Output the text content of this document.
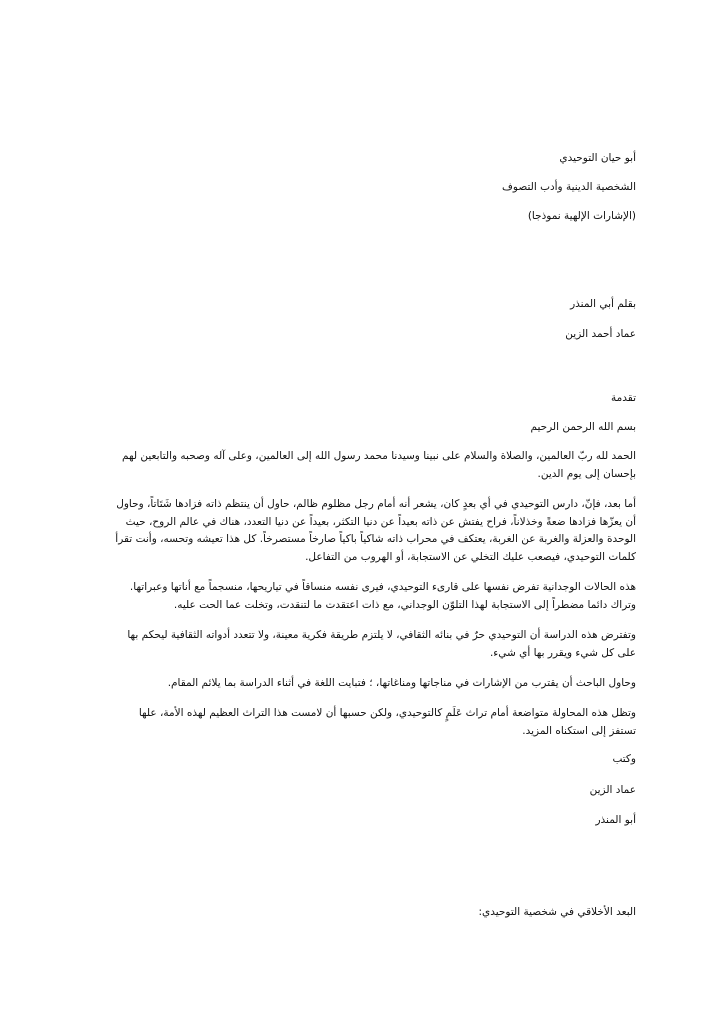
أبو حيان التوحيدي

الشخصية الدينية وأدب التصوف

(الإشارات الإلهية نموذجا)

بقلم أبي المنذر

عماد أحمد الزين

تقدمة

بسم الله الرحمن الرحيم

الحمد لله ربّ العالمين، والصلاة والسلام على نبينا وسيدنا محمد رسول الله إلى العالمين، وعلى آله وصحبه والتابعين لهم بإحسان إلى يوم الدين.

أما بعد، فإنّ، دارس التوحيدي في أي بعدٍ كان، يشعر أنه أمام رجل مظلوم ظالم، حاول أن ينتظم ذاته فزادها شَتَاتاً، وحاول أن يعزّها فزادها ضعةً وخذلاناً، فراح يفتش عن ذاته بعيداً عن دنيا التكثر، بعيداً عن دنيا التعدد، هناك في عالم الروح، حيث الوحدة والعزلة والغربة عن الغربة، يعتكف في محراب ذاته شاكياً باكياً صارخاً مستصرخاً. كل هذا تعيشه وتحسه، وأنت تقرأ كلمات التوحيدي، فيصعب عليك التخلي عن الاستجابة، أو الهروب من التفاعل.

هذه الحالات الوجدانية تفرض نفسها على قارىء التوحيدي، فيرى نفسه منساقاً في تياريحها، منسجماً مع أناتها وعبراتها. وتراك دائما مضطراً إلى الاستجابة لهذا التلوّن الوجداني، مع ذات اعتقدت ما لتنقدت، وتخلت عما الحت عليه.

وتفترض هذه الدراسة أن التوحيدي حرٌ في بنائه الثقافي، لا يلتزم طريقة فكرية معينة، ولا تتعدد أدواته الثقافية ليحكم بها على كل شيء ويقرر بها أي شيء.

وحاول الباحث أن يقترب من الإشارات في مناجاتها ومناغاتها، ؛ فتبايت اللغة في أثناء الدراسة بما يلائم المقام.

وتظل هذه المحاولة متواضعة أمام تراث عَلَمٍ كالتوحيدي، ولكن حسبها أن لامست هذا التراث العظيم لهذه الأمة، علها تستفز إلى استكناه المزيد.

وكتب

عماد الزين

أبو المنذر

البعد الأخلاقي في شخصية التوحيدي:
